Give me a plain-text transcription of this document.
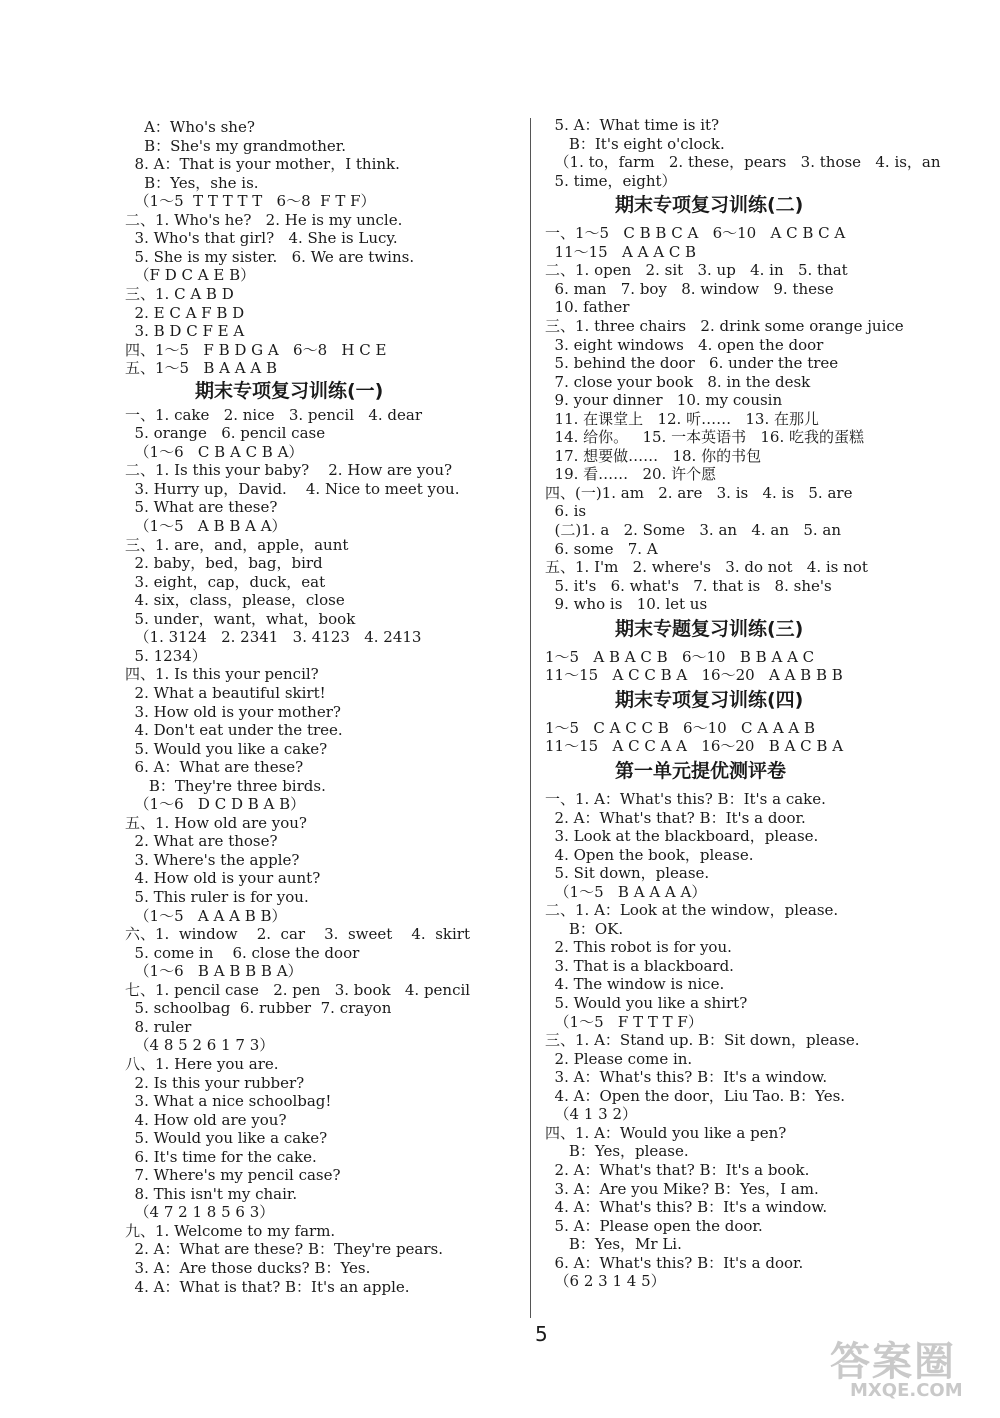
A：Who's she?
B：She's my grandmother.
8. A：That is your mother，I think.
B：Yes，she is.
（1～5  T T T T T   6～8  F T F）
二、1. Who's he?   2. He is my uncle.
3. Who's that girl?   4. She is Lucy.
5. She is my sister.   6. We are twins.
（F D C A E B）
三、1. C A B D
2. E C A F B D
3. B D C F E A
四、1～5   F B D G A   6～8   H C E
五、1～5   B A A A B
期末专项复习训练(一)
一、1. cake   2. nice   3. pencil   4. dear
5. orange   6. pencil case
（1～6   C B A C B A）
二、1. Is this your baby?    2. How are you?
3. Hurry up，David.    4. Nice to meet you.
5. What are these?
（1～5   A B B A A）
三、1. are，and，apple，aunt
2. baby，bed，bag，bird
3. eight，cap，duck，eat
4. six，class，please，close
5. under，want，what，book
（1. 3124   2. 2341   3. 4123   4. 2413
5. 1234）
四、1. Is this your pencil?
2. What a beautiful skirt!
3. How old is your mother?
4. Don't eat under the tree.
5. Would you like a cake?
6. A：What are these?
B：They're three birds.
（1～6   D C D B A B）
五、1. How old are you?
2. What are those?
3. Where's the apple?
4. How old is your aunt?
5. This ruler is for you.
（1～5   A A A B B）
六、1.  window    2.  car    3.  sweet    4.  skirt
5. come in    6. close the door
（1～6   B A B B B A）
七、1. pencil case   2. pen   3. book   4. pencil
5. schoolbag  6. rubber  7. crayon
8. ruler
（4 8 5 2 6 1 7 3）
八、1. Here you are.
2. Is this your rubber?
3. What a nice schoolbag!
4. How old are you?
5. Would you like a cake?
6. It's time for the cake.
7. Where's my pencil case?
8. This isn't my chair.
（4 7 2 1 8 5 6 3）
九、1. Welcome to my farm.
2. A：What are these? B：They're pears.
3. A：Are those ducks? B：Yes.
4. A：What is that? B：It's an apple.
5. A：What time is it?
B：It's eight o'clock.
（1. to，farm   2. these，pears   3. those   4. is，an
5. time，eight）
期末专项复习训练(二)
一、1～5   C B B C A   6～10   A C B C A
11～15   A A A C B
二、1. open   2. sit   3. up   4. in   5. that
6. man   7. boy   8. window   9. these
10. father
三、1. three chairs   2. drink some orange juice
3. eight windows   4. open the door
5. behind the door   6. under the tree
7. close your book   8. in the desk
9. your dinner   10. my cousin
11. 在课堂上   12. 听……   13. 在那儿
14. 给你。   15. 一本英语书   16. 吃我的蛋糕
17. 想要做……   18. 你的书包
19. 看……   20. 许个愿
四、(一)1. am   2. are   3. is   4. is   5. are
6. is
(二)1. a   2. Some   3. an   4. an   5. an
6. some   7. A
五、1. I'm   2. where's   3. do not   4. is not
5. it's   6. what's   7. that is   8. she's
9. who is   10. let us
期末专题复习训练(三)
1～5   A B A C B   6～10   B B A A C
11～15   A C C B A   16～20   A A B B B
期末专项复习训练(四)
1～5   C A C C B   6～10   C A A A B
11～15   A C C A A   16～20   B A C B A
第一单元提优测评卷
一、1. A：What's this? B：It's a cake.
2. A：What's that? B：It's a door.
3. Look at the blackboard，please.
4. Open the book，please.
5. Sit down，please.
（1～5   B A A A A）
二、1. A：Look at the window，please.
B：OK.
2. This robot is for you.
3. That is a blackboard.
4. The window is nice.
5. Would you like a shirt?
（1～5   F T T T F）
三、1. A：Stand up. B：Sit down，please.
2. Please come in.
3. A：What's this? B：It's a window.
4. A：Open the door，Liu Tao. B：Yes.
（4 1 3 2）
四、1. A：Would you like a pen?
B：Yes，please.
2. A：What's that? B：It's a book.
3. A：Are you Mike? B：Yes，I am.
4. A：What's this? B：It's a window.
5. A：Please open the door.
B：Yes，Mr Li.
6. A：What's this? B：It's a door.
（6 2 3 1 4 5）
5
答案圈
MXQE.COM
